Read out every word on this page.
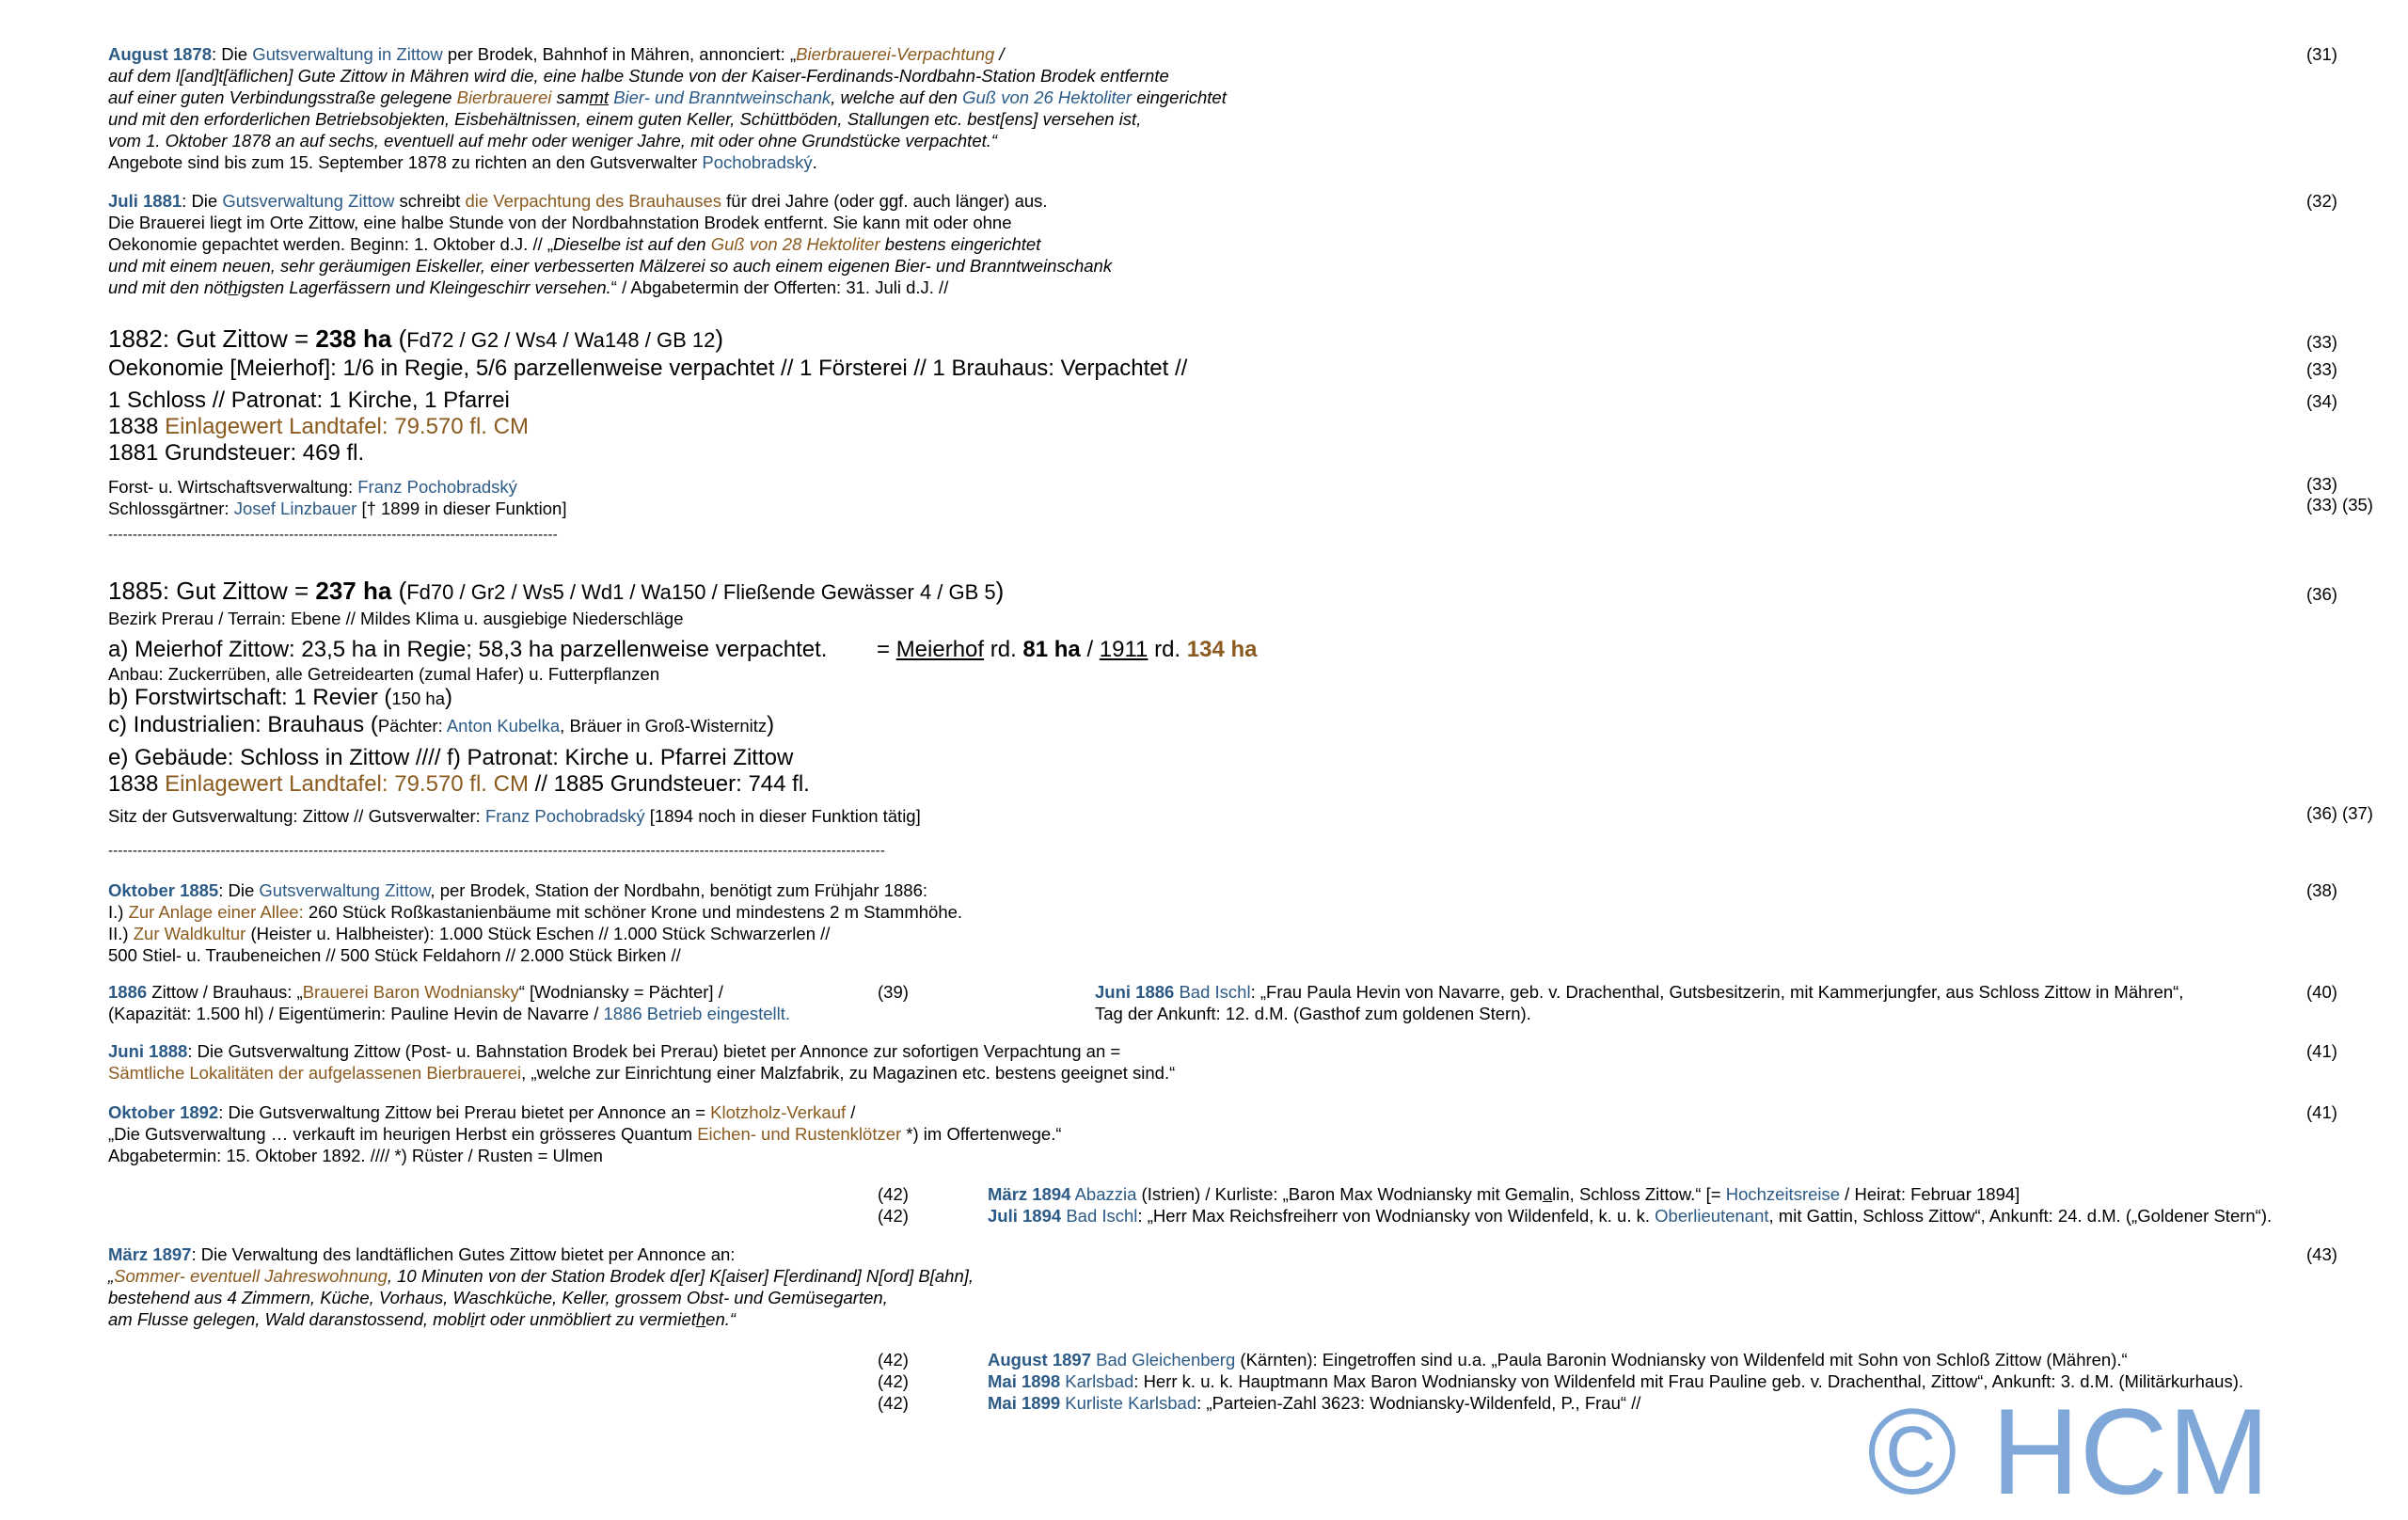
August 1878: Die Gutsverwaltung in Zittow per Brodek, Bahnhof in Mähren, annonciert: „Bierbrauerei-Verpachtung /
auf dem l[and]t[äflichen] Gute Zittow in Mähren wird die, eine halbe Stunde von der Kaiser-Ferdinands-Nordbahn-Station Brodek entfernte
auf einer guten Verbindungsstraße gelegene Bierbrauerei sammt Bier- und Branntweinschank, welche auf den Guß von 26 Hektoliter eingerichtet
und mit den erforderlichen Betriebsobjekten, Eisbehältnissen, einem guten Keller, Schüttböden, Stallungen etc. best[ens] versehen ist,
vom 1. Oktober 1878 an auf sechs, eventuell auf mehr oder weniger Jahre, mit oder ohne Grundstücke verpachtet.“
Angebote sind bis zum 15. September 1878 zu richten an den Gutsverwalter Pochobradský.
(31)
Juli 1881: Die Gutsverwaltung Zittow schreibt die Verpachtung des Brauhauses für drei Jahre (oder ggf. auch länger) aus.
Die Brauerei liegt im Orte Zittow, eine halbe Stunde von der Nordbahnstation Brodek entfernt. Sie kann mit oder ohne
Oekonomie gepachtet werden. Beginn: 1. Oktober d.J. // „Dieselbe ist auf den Guß von 28 Hektoliter bestens eingerichtet
und mit einem neuen, sehr geräumigen Eiskeller, einer verbesserten Mälzerei so auch einem eigenen Bier- und Branntweinschank
und mit den nöthigsten Lagerfässern und Kleingeschirr versehen.“ / Abgabetermin der Offerten: 31. Juli d.J. //
(32)
1882: Gut Zittow = 238 ha (Fd72 / G2 / Ws4 / Wa148 / GB 12)
Oekonomie [Meierhof]: 1/6 in Regie, 5/6 parzellenweise verpachtet // 1 Försterei // 1 Brauhaus: Verpachtet //
1 Schloss // Patronat: 1 Kirche, 1 Pfarrei
1838 Einlagewert Landtafel: 79.570 fl. CM
1881 Grundsteuer: 469 fl.
Forst- u. Wirtschaftsverwaltung: Franz Pochobradský
Schlossgärtner: Josef Linzbauer [† 1899 in dieser Funktion]
(33)
(33)
(34)
(33)
(33) (35)
--------------------------------------------------------------------------------------------
1885: Gut Zittow = 237 ha (Fd70 / Gr2 / Ws5 / Wd1 / Wa150 / Fließende Gewässer 4 / GB 5)
Bezirk Prerau / Terrain: Ebene // Mildes Klima u. ausgiebige Niederschläge
a) Meierhof Zittow: 23,5 ha in Regie; 58,3 ha parzellenweise verpachtet. = Meierhof rd. 81 ha / 1911 rd. 134 ha
Anbau: Zuckerrüben, alle Getreidearten (zumal Hafer) u. Futterpflanzen
b) Forstwirtschaft: 1 Revier (150 ha)
c) Industrialien: Brauhaus (Pächter: Anton Kubelka, Bräuer in Groß-Wisternitz)
e) Gebäude: Schloss in Zittow //// f) Patronat: Kirche u. Pfarrei Zittow
1838 Einlagewert Landtafel: 79.570 fl. CM // 1885 Grundsteuer: 744 fl.
Sitz der Gutsverwaltung: Zittow // Gutsverwalter: Franz Pochobradský [1894 noch in dieser Funktion tätig]
(36)
(36) (37)
---------------------------------------------------------------------------------------------------------------------------------------------------------------
Oktober 1885: Die Gutsverwaltung Zittow, per Brodek, Station der Nordbahn, benötigt zum Frühjahr 1886:
I.) Zur Anlage einer Allee: 260 Stück Roßkastanienbäume mit schöner Krone und mindestens 2 m Stammhöhe.
II.) Zur Waldkultur (Heister u. Halbheister): 1.000 Stück Eschen // 1.000 Stück Schwarzerlen //
500 Stiel- u. Traubeneichen // 500 Stück Feldahorn // 2.000 Stück Birken //
(38)
1886 Zittow / Brauhaus: „Brauerei Baron Wodniansky“ [Wodniansky = Pächter] /
(Kapazität: 1.500 hl) / Eigentümerin: Pauline Hevin de Navarre / 1886 Betrieb eingestellt.
(39)	Juni 1886 Bad Ischl: „Frau Paula Hevin von Navarre, geb. v. Drachenthal, Gutsbesitzerin, mit Kammerjungfer, aus Schloss Zittow in Mähren“,
Tag der Ankunft: 12. d.M. (Gasthof zum goldenen Stern).
(40)
Juni 1888: Die Gutsverwaltung Zittow (Post- u. Bahnstation Brodek bei Prerau) bietet per Annonce zur sofortigen Verpachtung an =
Sämtliche Lokalitäten der aufgelassenen Bierbrauerei, „welche zur Einrichtung einer Malzfabrik, zu Magazinen etc. bestens geeignet sind.“
(41)
Oktober 1892: Die Gutsverwaltung Zittow bei Prerau bietet per Annonce an = Klotzholz-Verkauf /
„Die Gutsverwaltung … verkauft im heurigen Herbst ein grösseres Quantum Eichen- und Rustenklötzer *) im Offertenwege.“
Abgabetermin: 15. Oktober 1892. //// *) Rüster / Rusten = Ulmen
(41)
(42)
(42)
März 1894 Abazzia (Istrien) / Kurliste: „Baron Max Wodniansky mit Gemalin, Schloss Zittow.“ [= Hochzeitsreise / Heirat: Februar 1894]
Juli 1894 Bad Ischl: „Herr Max Reichsfreiherr von Wodniansky von Wildenfeld, k. u. k. Oberlieutenant, mit Gattin, Schloss Zittow“, Ankunft: 24. d.M. („Goldener Stern“).
März 1897: Die Verwaltung des landtäflichen Gutes Zittow bietet per Annonce an:
„Sommer- eventuell Jahreswohnung, 10 Minuten von der Station Brodek d[er] K[aiser] F[erdinand] N[ord] B[ahn],
bestehend aus 4 Zimmern, Küche, Vorhaus, Waschküche, Keller, grossem Obst- und Gemüsegarten,
am Flusse gelegen, Wald daranstossend, moblirt oder unmöbliert zu vermiethen.“
(43)
(42)
(42)
(42)
August 1897 Bad Gleichenberg (Kärnten): Eingetroffen sind u.a. „Paula Baronin Wodniansky von Wildenfeld mit Sohn von Schloß Zittow (Mähren).“
Mai 1898 Karlsbad: Herr k. u. k. Hauptmann Max Baron Wodniansky von Wildenfeld mit Frau Pauline geb. v. Drachenthal, Zittow“, Ankunft: 3. d.M. (Militärkurhaus).
Mai 1899 Kurliste Karlsbad: „Parteien-Zahl 3623: Wodniansky-Wildenfeld, P., Frau“ //	© HCM
